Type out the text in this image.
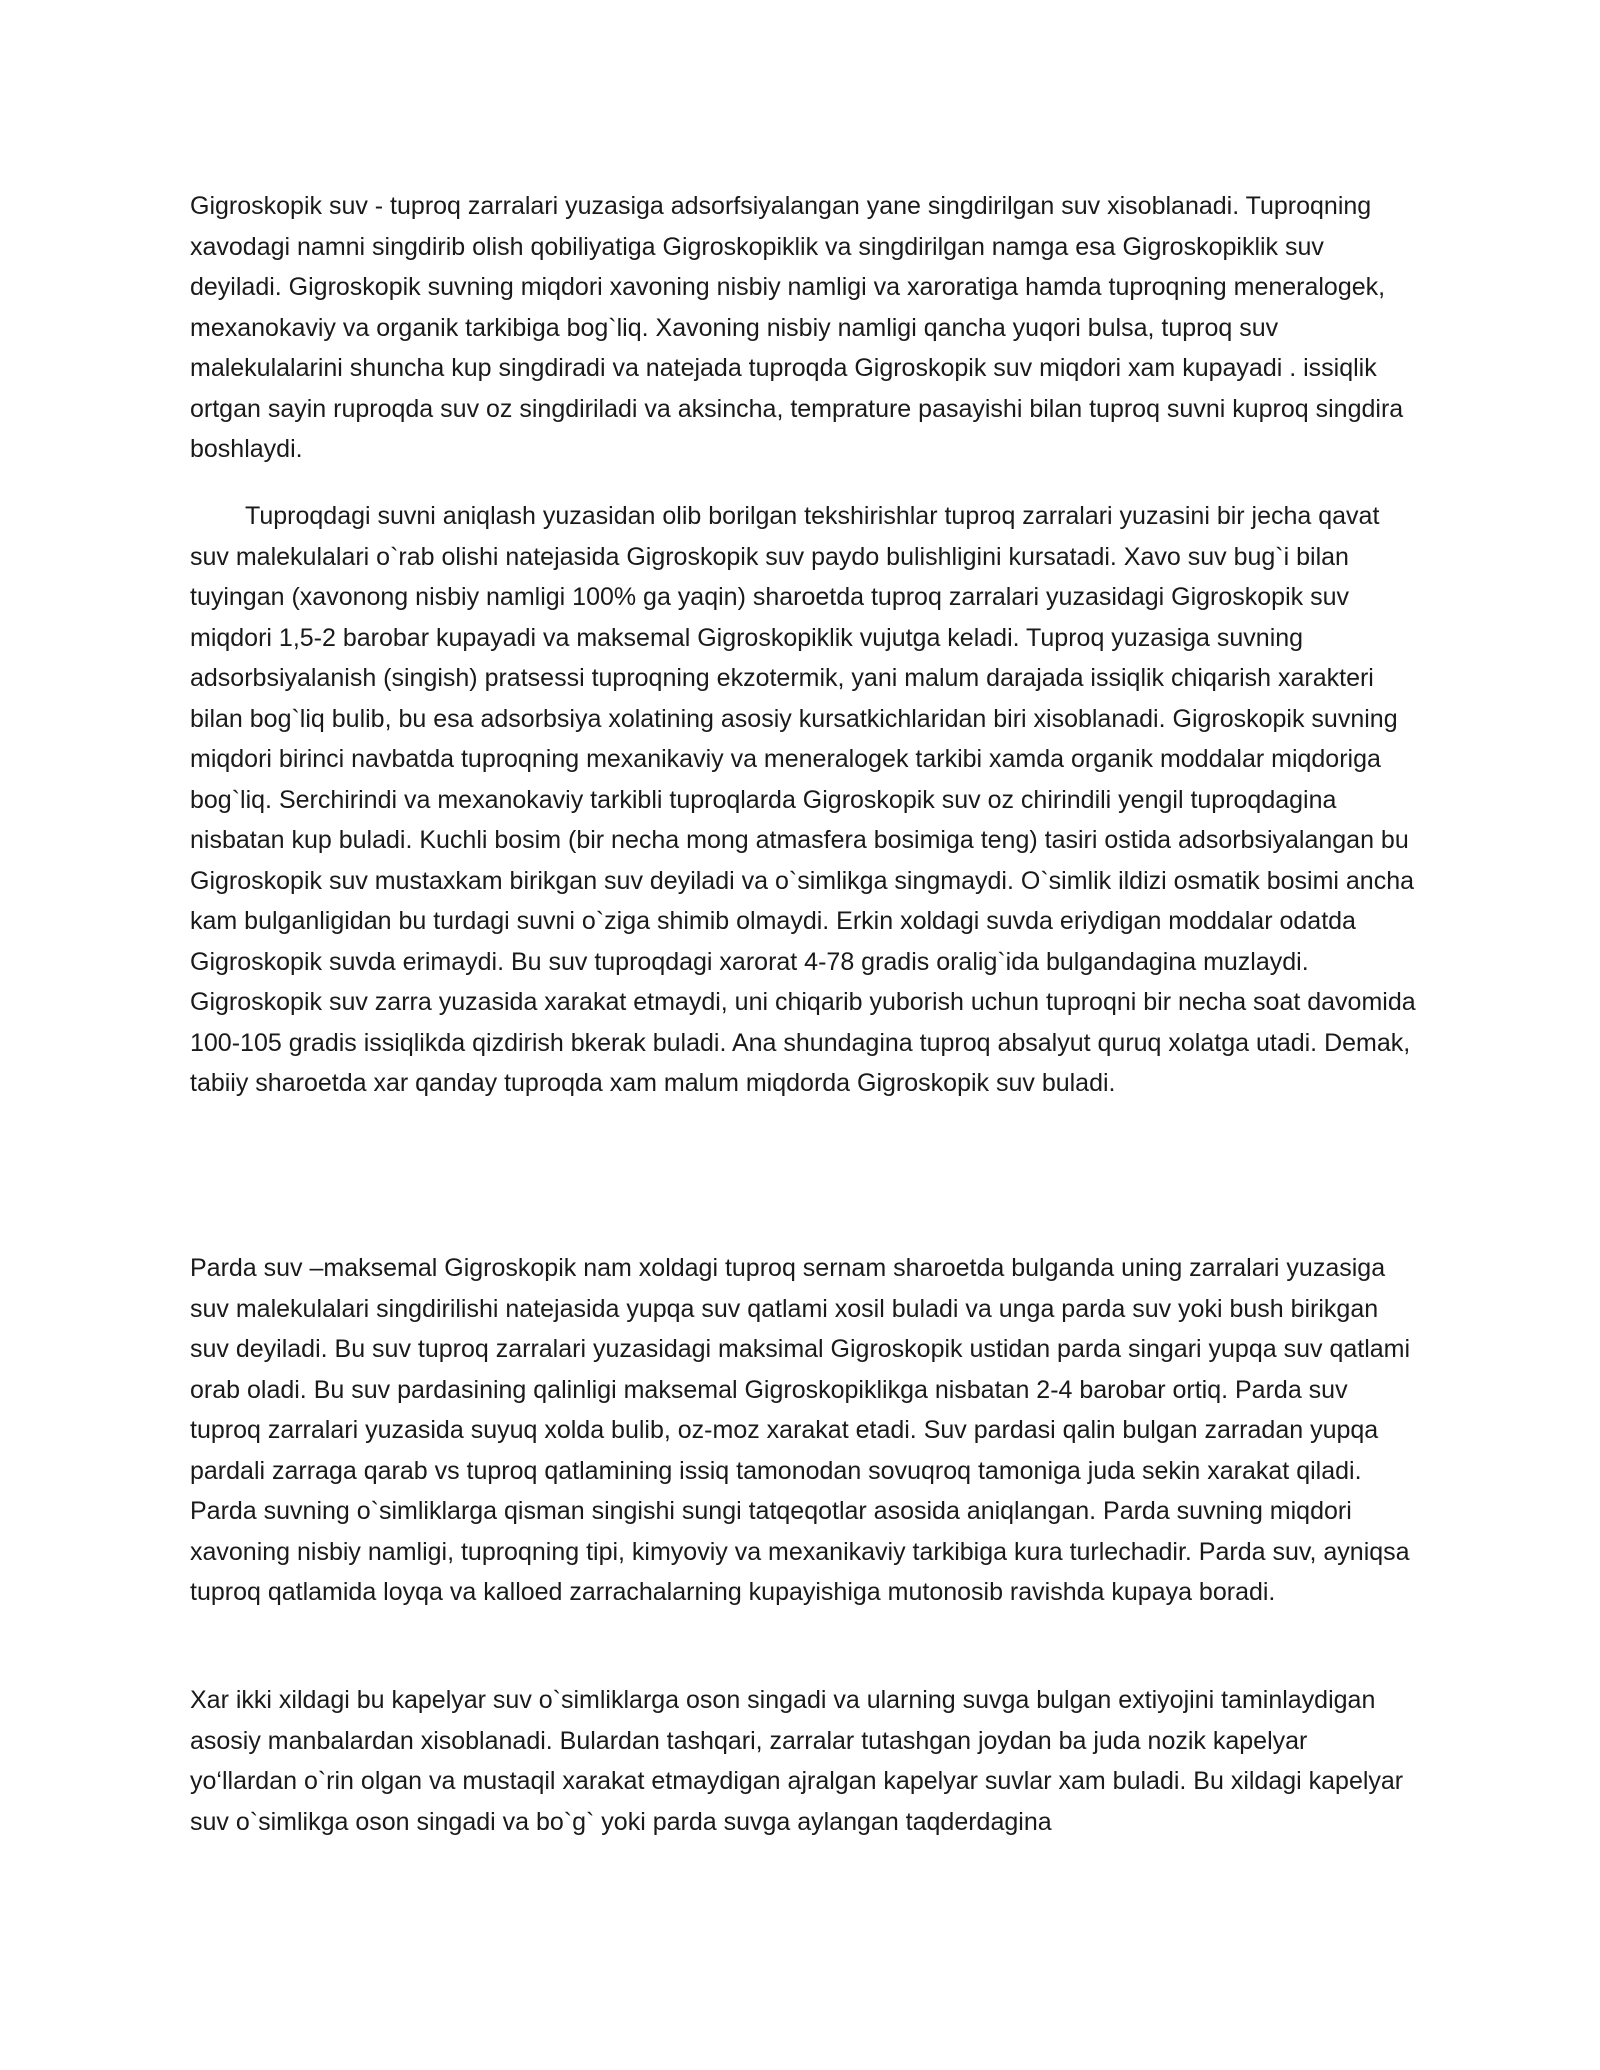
Gigroskopik suv - tuproq zarralari yuzasiga adsorfsiyalangan yane singdirilgan suv xisoblanadi. Tuproqning xavodagi namni singdirib olish qobiliyatiga Gigroskopiklik va singdirilgan namga esa Gigroskopiklik suv deyiladi. Gigroskopik suvning miqdori xavoning nisbiy namligi va xaroratiga hamda tuproqning meneralogek, mexanokaviy va organik tarkibiga bog`liq. Xavoning nisbiy namligi qancha yuqori bulsa, tuproq suv malekulalarini shuncha kup singdiradi va natejada tuproqda Gigroskopik suv miqdori xam kupayadi . issiqlik ortgan sayin ruproqda suv oz singdiriladi va aksincha, temprature pasayishi bilan tuproq suvni kuproq singdira boshlaydi.

Tuproqdagi suvni aniqlash yuzasidan olib borilgan tekshirishlar tuproq zarralari yuzasini bir jecha qavat suv malekulalari o`rab olishi natejasida Gigroskopik suv paydo bulishligini kursatadi. Xavo suv bug`i bilan tuyingan (xavonong nisbiy namligi 100% ga yaqin) sharoetda tuproq zarralari yuzasidagi Gigroskopik suv miqdori 1,5-2 barobar kupayadi va maksemal Gigroskopiklik vujutga keladi. Tuproq yuzasiga suvning adsorbsiyalanish (singish) pratsessi tuproqning ekzotermik, yani malum darajada issiqlik chiqarish xarakteri bilan bog`liq bulib, bu esa adsorbsiya xolatining asosiy kursatkichlaridan biri xisoblanadi. Gigroskopik suvning miqdori birinci navbatda tuproqning mexanikaviy va meneralogek tarkibi xamda organik moddalar miqdoriga bog`liq. Serchirindi va mexanokaviy tarkibli tuproqlarda Gigroskopik suv oz chirindili yengil tuproqdagina nisbatan kup buladi. Kuchli bosim (bir necha mong atmasfera bosimiga teng) tasiri ostida adsorbsiyalangan bu Gigroskopik suv mustaxkam birikgan suv deyiladi va o`simlikga singmaydi. O`simlik ildizi osmatik bosimi ancha kam bulganligidan bu turdagi suvni o`ziga shimib olmaydi. Erkin xoldagi suvda eriydigan moddalar odatda Gigroskopik suvda erimaydi. Bu suv tuproqdagi xarorat 4-78 gradis oralig`ida bulgandagina muzlaydi. Gigroskopik suv zarra yuzasida xarakat etmaydi, uni chiqarib yuborish uchun tuproqni bir necha soat davomida 100-105 gradis issiqlikda qizdirish bkerak buladi. Ana shundagina tuproq absalyut quruq xolatga utadi. Demak, tabiiy sharoetda xar qanday tuproqda xam malum miqdorda Gigroskopik suv buladi.

Parda suv –maksemal Gigroskopik nam xoldagi tuproq sernam sharoetda bulganda uning zarralari yuzasiga suv malekulalari singdirilishi natejasida yupqa suv qatlami xosil buladi va unga parda suv yoki bush birikgan suv deyiladi. Bu suv tuproq zarralari yuzasidagi maksimal Gigroskopik ustidan parda singari yupqa suv qatlami orab oladi. Bu suv pardasining qalinligi maksemal Gigroskopiklikga nisbatan 2-4 barobar ortiq. Parda suv tuproq zarralari yuzasida suyuq xolda bulib, oz-moz xarakat etadi. Suv pardasi qalin bulgan zarradan yupqa pardali zarraga qarab vs tuproq qatlamining issiq tamonodan sovuqroq tamoniga juda sekin xarakat qiladi. Parda suvning o`simliklarga qisman singishi sungi tatqeqotlar asosida aniqlangan. Parda suvning miqdori xavoning nisbiy namligi, tuproqning tipi, kimyoviy va mexanikaviy tarkibiga kura turlechadir. Parda suv, ayniqsa tuproq qatlamida loyqa va kalloed zarrachalarning kupayishiga mutonosib ravishda kupaya boradi.

Xar ikki xildagi bu kapelyar suv o`simliklarga oson singadi va ularning suvga bulgan extiyojini taminlaydigan asosiy manbalardan xisoblanadi. Bulardan tashqari, zarralar tutashgan joydan ba juda nozik kapelyar yo‘llardan o`rin olgan va mustaqil xarakat etmaydigan ajralgan kapelyar suvlar xam buladi. Bu xildagi kapelyar suv o`simlikga oson singadi va bo`g` yoki parda suvga aylangan taqderdagina
